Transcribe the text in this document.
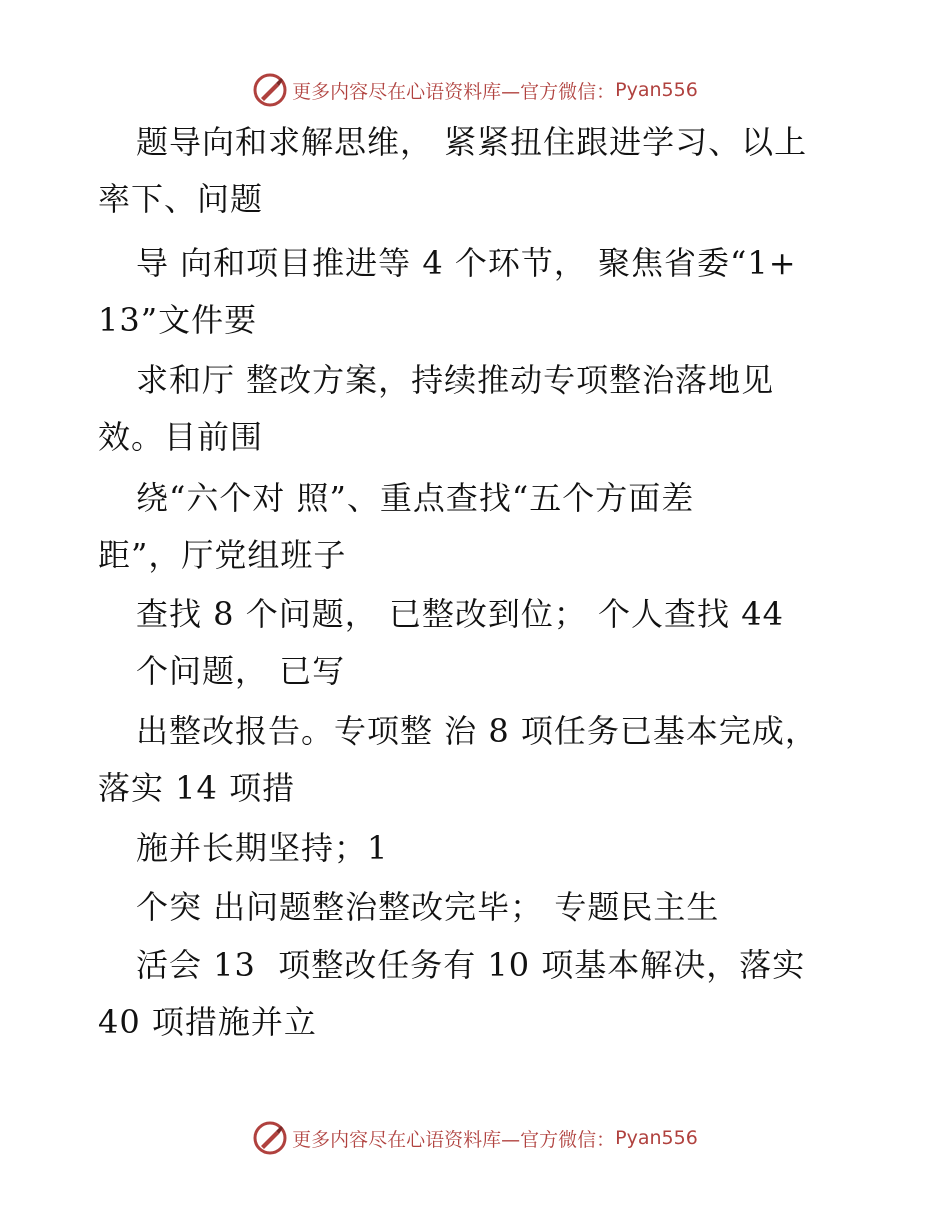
更多内容尽在心语资料库—官方微信： Pyan556
题导向和求解思维， 紧紧扭住跟进学习、以上
率下、问题
导 向和项目推进等 4 个环节， 聚焦省委“1+
13”文件要
求和厅 整改方案，持续推动专项整治落地见
效。目前围
绕“六个对 照”、重点查找“五个方面差
距”，厅党组班子
查找 8 个问题， 已整改到位； 个人查找 44
个问题， 已写
出整改报告。专项整 治 8 项任务已基本完成，
落实 14 项措
施并长期坚持；1
个突 出问题整治整改完毕； 专题民主生
活会 13  项整改任务有 10 项基本解决，落实
40 项措施并立
更多内容尽在心语资料库—官方微信： Pyan556
